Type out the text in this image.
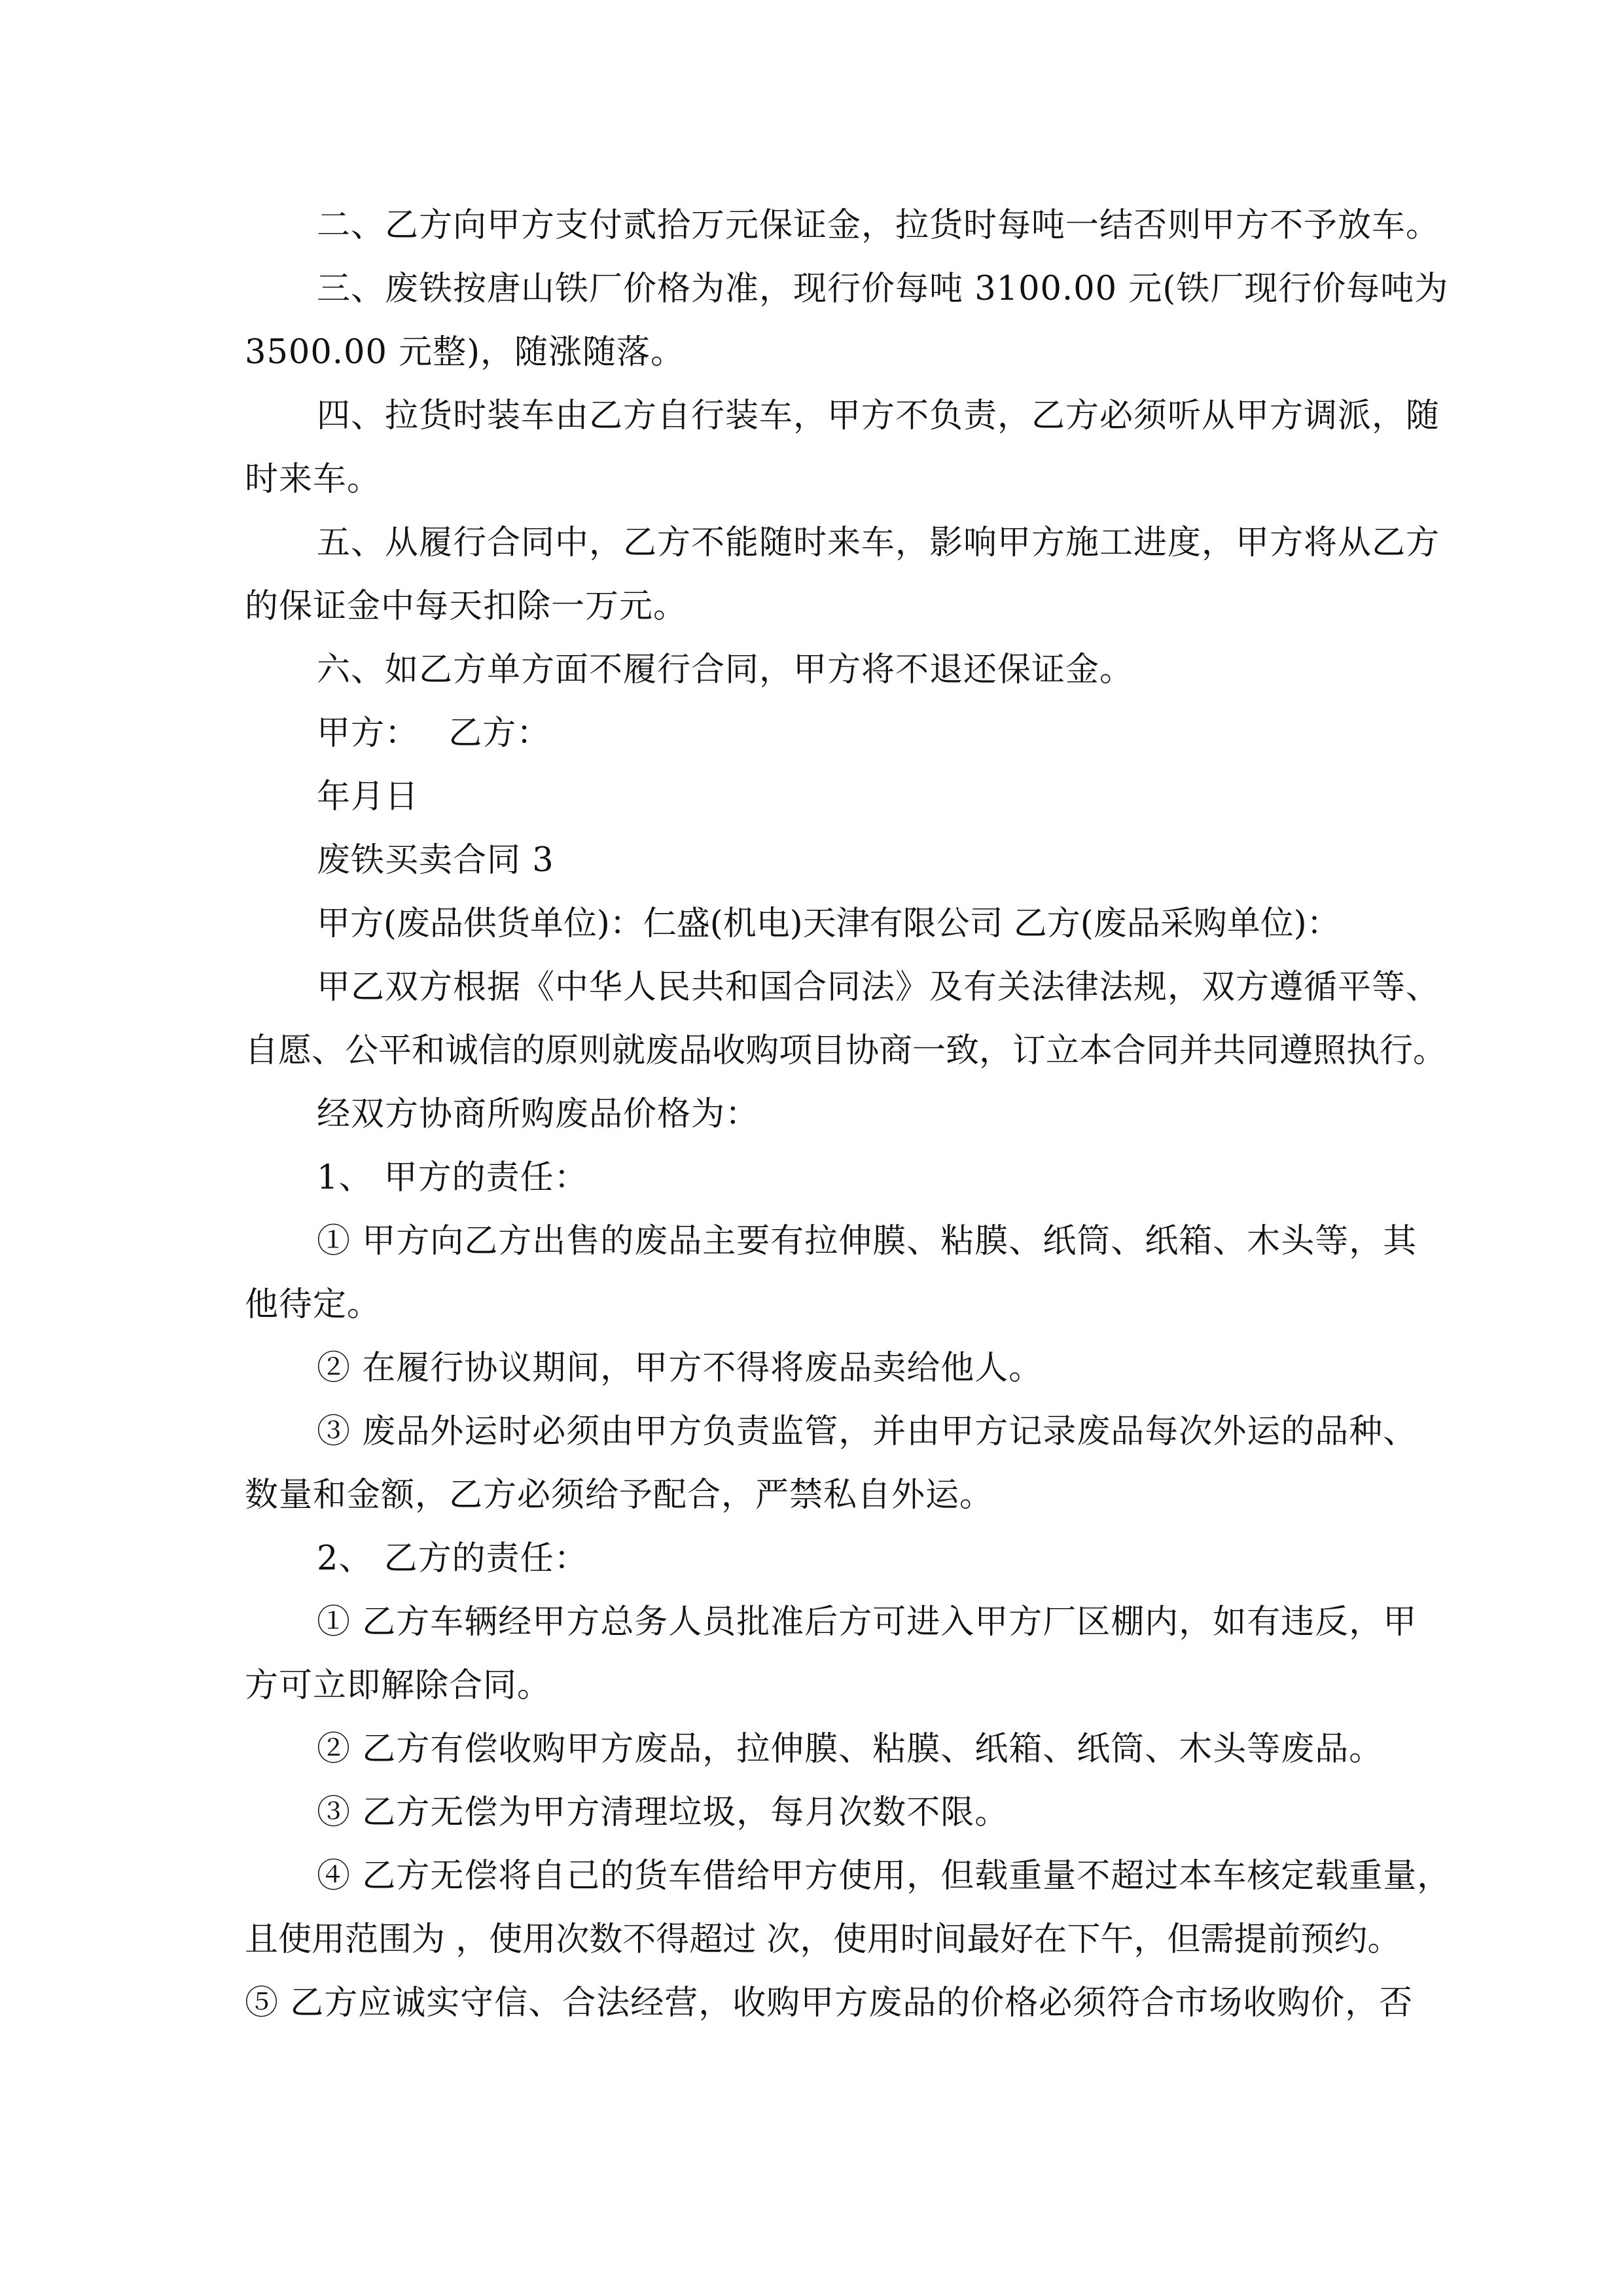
二、乙方向甲方支付贰拾万元保证金，拉货时每吨一结否则甲方不予放车。
三、废铁按唐山铁厂价格为准，现行价每吨 3100.00 元(铁厂现行价每吨为
3500.00 元整)，随涨随落。
四、拉货时装车由乙方自行装车，甲方不负责，乙方必须听从甲方调派，随
时来车。
五、从履行合同中，乙方不能随时来车，影响甲方施工进度，甲方将从乙方
的保证金中每天扣除一万元。
六、如乙方单方面不履行合同，甲方将不退还保证金。
甲方： 乙方：
年月日
废铁买卖合同 3
甲方(废品供货单位)：仁盛(机电)天津有限公司 乙方(废品采购单位)：
甲乙双方根据《中华人民共和国合同法》及有关法律法规，双方遵循平等、
自愿、公平和诚信的原则就废品收购项目协商一致，订立本合同并共同遵照执行。
经双方协商所购废品价格为：
1、 甲方的责任：
① 甲方向乙方出售的废品主要有拉伸膜、粘膜、纸筒、纸箱、木头等，其
他待定。
② 在履行协议期间，甲方不得将废品卖给他人。
③ 废品外运时必须由甲方负责监管，并由甲方记录废品每次外运的品种、
数量和金额，乙方必须给予配合，严禁私自外运。
2、 乙方的责任：
① 乙方车辆经甲方总务人员批准后方可进入甲方厂区棚内，如有违反，甲
方可立即解除合同。
② 乙方有偿收购甲方废品，拉伸膜、粘膜、纸箱、纸筒、木头等废品。
③ 乙方无偿为甲方清理垃圾，每月次数不限。
④ 乙方无偿将自己的货车借给甲方使用，但载重量不超过本车核定载重量，
且使用范围为 ，使用次数不得超过 次，使用时间最好在下午，但需提前预约。
⑤ 乙方应诚实守信、合法经营，收购甲方废品的价格必须符合市场收购价，否
